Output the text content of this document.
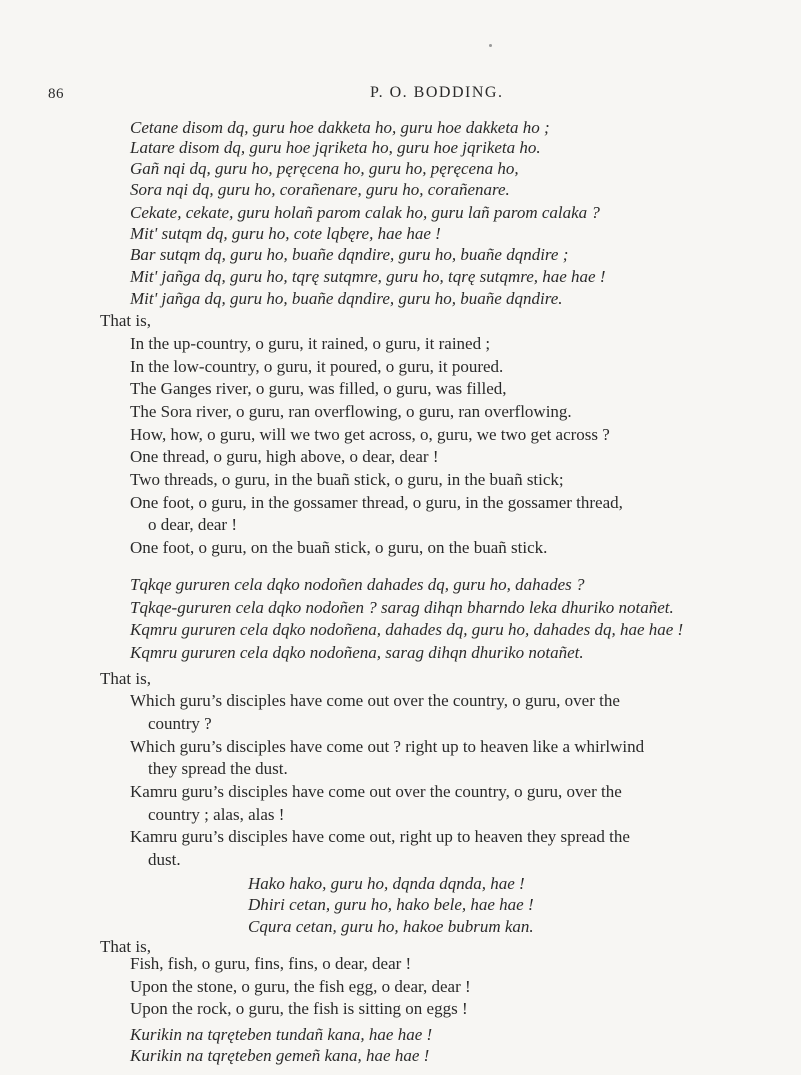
86	P. O. BODDING.
Cetane disom dq, guru hoe dakketa ho, guru hoe dakketa ho ;
Latare disom dq, guru hoe jqriketa ho, guru hoe jqriketa ho.
Gañ nqi dq, guru ho, pęręcena ho, guru ho, pęręcena ho,
Sora nqi dq, guru ho, corañenare, guru ho, corañenare.
Cekate, cekate, guru holañ parom calak ho, guru lañ parom calaka ?
Mit' sutqm dq, guru ho, cote lqbęre, hae hae !
Bar sutqm dq, guru ho, buañe dqndire, guru ho, buañe dqndire ;
Mit' jañga dq, guru ho, tqrę sutqmre, guru ho, tqrę sutqmre, hae hae !
Mit' jañga dq, guru ho, buañe dqndire, guru ho, buañe dqndire.
That is,
In the up-country, o guru, it rained, o guru, it rained ;
In the low-country, o guru, it poured, o guru, it poured.
The Ganges river, o guru, was filled, o guru, was filled,
The Sora river, o guru, ran overflowing, o guru, ran overflowing.
How, how, o guru, will we two get across, o, guru, we two get across ?
One thread, o guru, high above, o dear, dear !
Two threads, o guru, in the buañ stick, o guru, in the buañ stick;
One foot, o guru, in the gossamer thread, o guru, in the gossamer thread,
o dear, dear !
One foot, o guru, on the buañ stick, o guru, on the buañ stick.
Tqkqe gururen cela dqko nodoñen dahades dq, guru ho, dahades ?
Tqkqe-gururen cela dqko nodoñen ? sarag dihqn bharndo leka dhuriko notañet.
Kqmru gururen cela dqko nodoñena, dahades dq, guru ho, dahades dq, hae hae !
Kqmru gururen cela dqko nodoñena, sarag dihqn dhuriko notañet.
That is,
Which guru’s disciples have come out over the country, o guru, over the
country ?
Which guru’s disciples have come out ? right up to heaven like a whirlwind
they spread the dust.
Kamru guru’s disciples have come out over the country, o guru, over the
country ; alas, alas !
Kamru guru’s disciples have come out, right up to heaven they spread the
dust.
Hako hako, guru ho, dqnda dqnda, hae !
Dhiri cetan, guru ho, hako bele, hae hae !
Cqura cetan, guru ho, hakoe bubrum kan.
That is,
Fish, fish, o guru, fins, fins, o dear, dear !
Upon the stone, o guru, the fish egg, o dear, dear !
Upon the rock, o guru, the fish is sitting on eggs !
Kurikin na tqręteben tundañ kana, hae hae !
Kurikin na tqręteben gemeñ kana, hae hae !
